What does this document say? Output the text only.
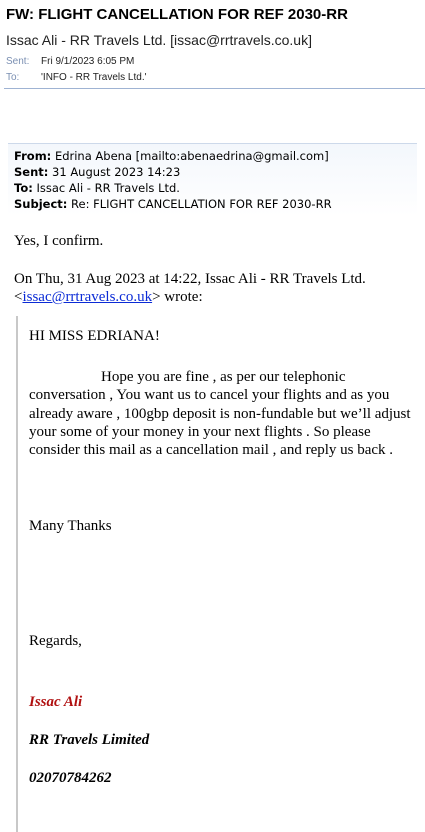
FW: FLIGHT CANCELLATION FOR REF 2030-RR
Issac Ali - RR Travels Ltd. [issac@rrtravels.co.uk]
Sent: Fri 9/1/2023 6:05 PM
To: 'INFO - RR Travels Ltd.'
From: Edrina Abena [mailto:abenaedrina@gmail.com]
Sent: 31 August 2023 14:23
To: Issac Ali - RR Travels Ltd.
Subject: Re: FLIGHT CANCELLATION FOR REF 2030-RR
Yes, I confirm.
On Thu, 31 Aug 2023 at 14:22, Issac Ali - RR Travels Ltd.
<issac@rrtravels.co.uk> wrote:
HI MISS EDRIANA!
Hope you are fine , as per our telephonic conversation , You want us to cancel your flights and as you already aware , 100gbp deposit is non-fundable but we’ll adjust your some of your money in your next flights . So please consider this mail as a cancellation mail , and reply us back .
Many Thanks
Regards,
Issac Ali
RR Travels Limited
02070784262
